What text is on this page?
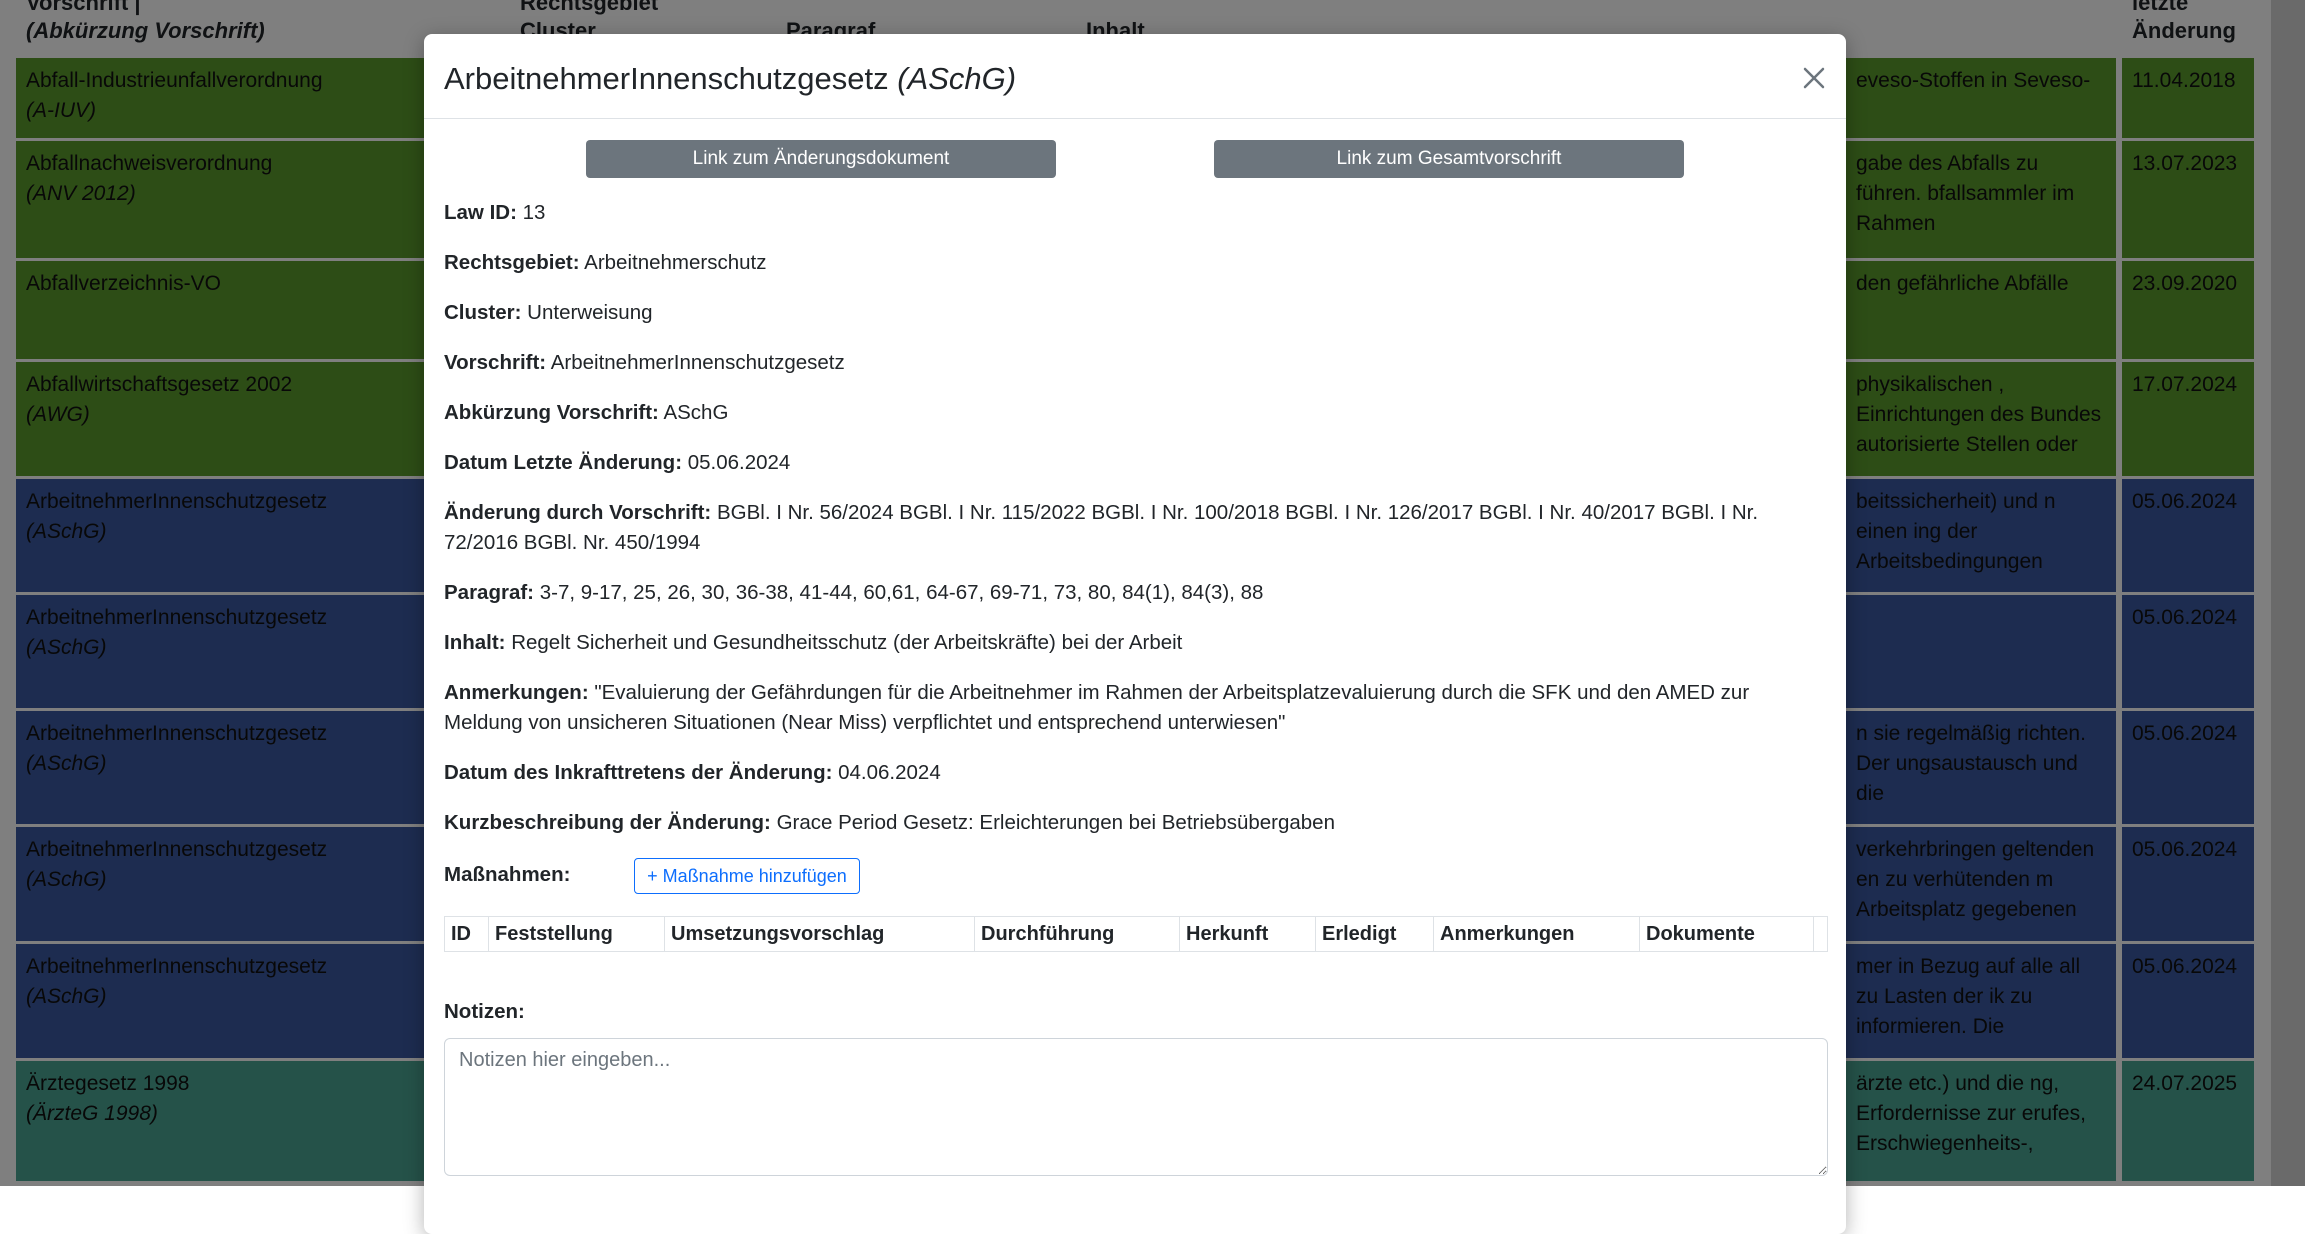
ArbeitnehmerInnenschutzgesetz (ASchG)
Link zum Änderungsdokument	Link zum Gesamtvorschrift
Law ID: 13
Rechtsgebiet: Arbeitnehmerschutz
Cluster: Unterweisung
Vorschrift: ArbeitnehmerInnenschutzgesetz
Abkürzung Vorschrift: ASchG
Datum Letzte Änderung: 05.06.2024
Änderung durch Vorschrift: BGBl. I Nr. 56/2024 BGBl. I Nr. 115/2022 BGBl. I Nr. 100/2018 BGBl. I Nr. 126/2017 BGBl. I Nr. 40/2017 BGBl. I Nr. 72/2016 BGBl. Nr. 450/1994
Paragraf: 3-7, 9-17, 25, 26, 30, 36-38, 41-44, 60,61, 64-67, 69-71, 73, 80, 84(1), 84(3), 88
Inhalt: Regelt Sicherheit und Gesundheitsschutz (der Arbeitskräfte) bei der Arbeit
Anmerkungen: "Evaluierung der Gefährdungen für die Arbeitnehmer im Rahmen der Arbeitsplatzevaluierung durch die SFK und den AMED zur Meldung von unsicheren Situationen (Near Miss) verpflichtet und entsprechend unterwiesen"
Datum des Inkrafttretens der Änderung: 04.06.2024
Kurzbeschreibung der Änderung: Grace Period Gesetz: Erleichterungen bei Betriebsübergaben
Maßnahmen:	+ Maßnahme hinzufügen
ID	Feststellung	Umsetzungsvorschlag	Durchführung	Herkunft	Erledigt	Anmerkungen	Dokumente
Notizen:
Notizen hier eingeben...
